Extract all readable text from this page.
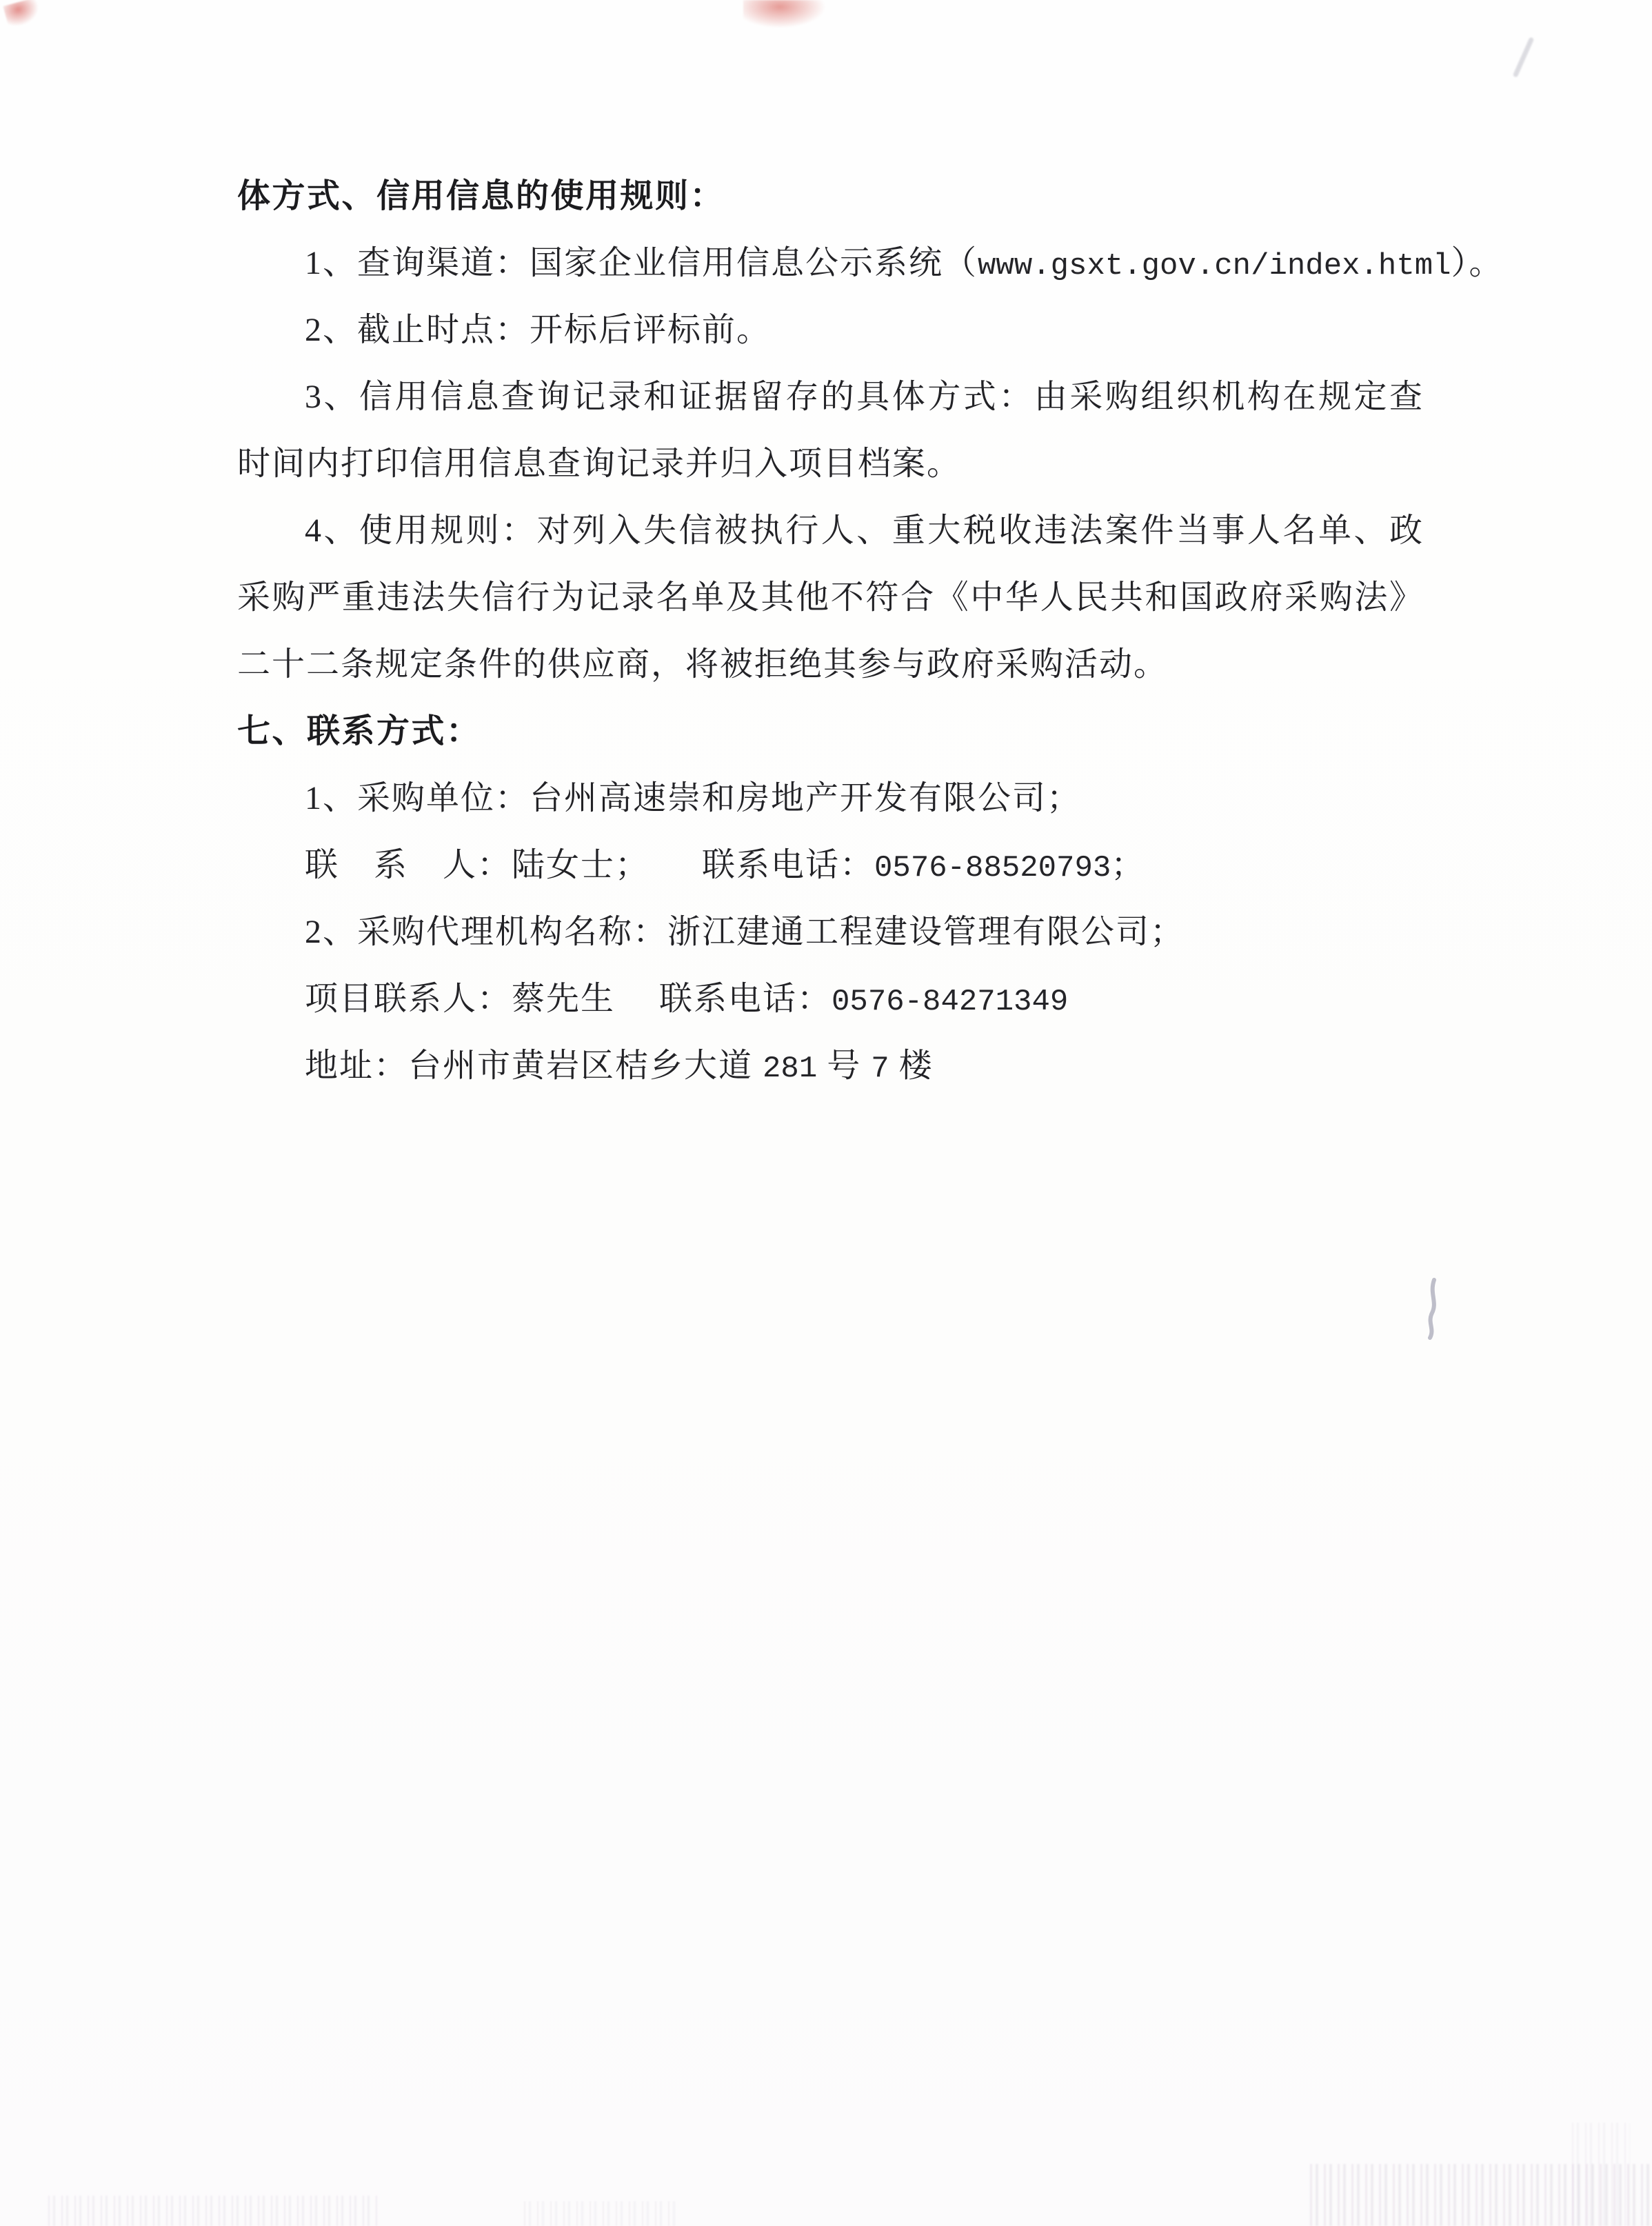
体方式、信用信息的使用规则：
1、查询渠道：国家企业信用信息公示系统（www.gsxt.gov.cn/index.html）。
2、截止时点：开标后评标前。
3、信用信息查询记录和证据留存的具体方式：由采购组织机构在规定查
时间内打印信用信息查询记录并归入项目档案。
4、使用规则：对列入失信被执行人、重大税收违法案件当事人名单、政
采购严重违法失信行为记录名单及其他不符合《中华人民共和国政府采购法》
二十二条规定条件的供应商，将被拒绝其参与政府采购活动。
七、联系方式：
1、采购单位：台州高速崇和房地产开发有限公司；
联　系　人：陆女士；　　联系电话：0576-88520793；
2、采购代理机构名称：浙江建通工程建设管理有限公司；
项目联系人：蔡先生　 联系电话：0576-84271349
地址：台州市黄岩区桔乡大道 281 号 7 楼
